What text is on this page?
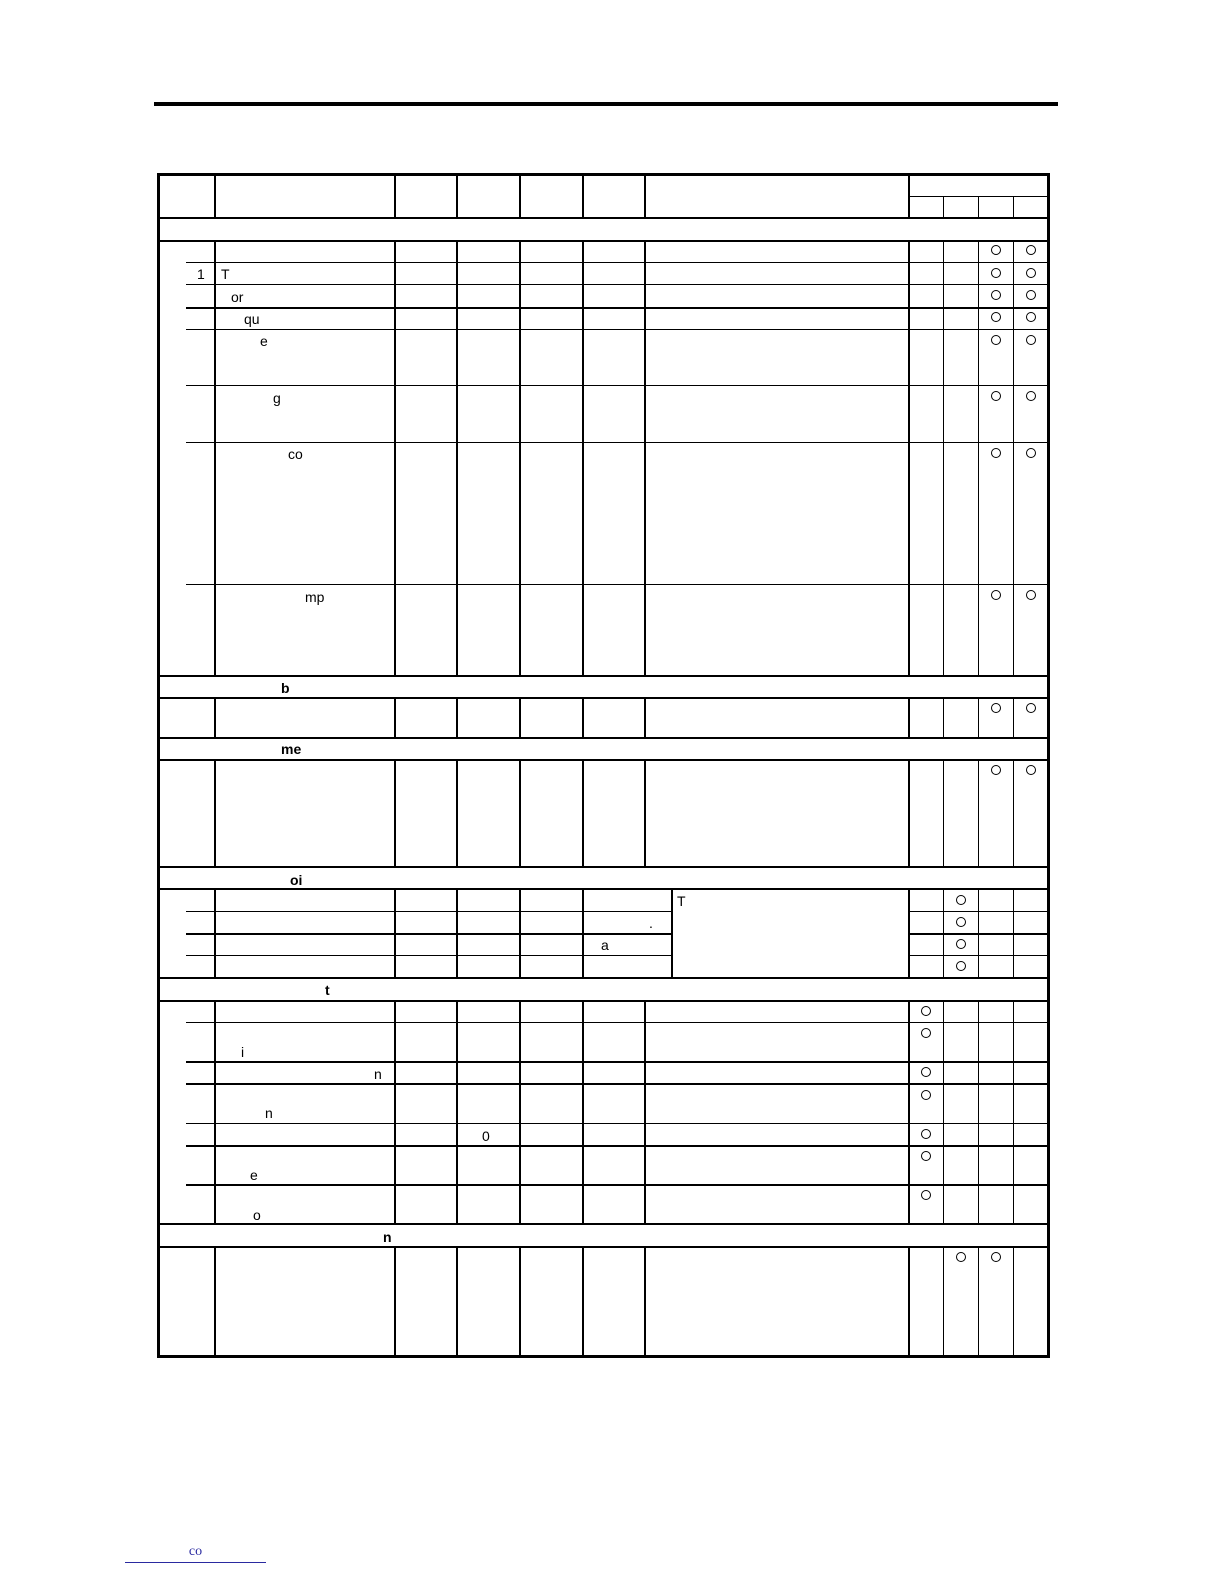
1 T
or
qu
e
g
co
mp
b
me
oi
t
n
T
.
a
i
n
n
0
e
o
co
